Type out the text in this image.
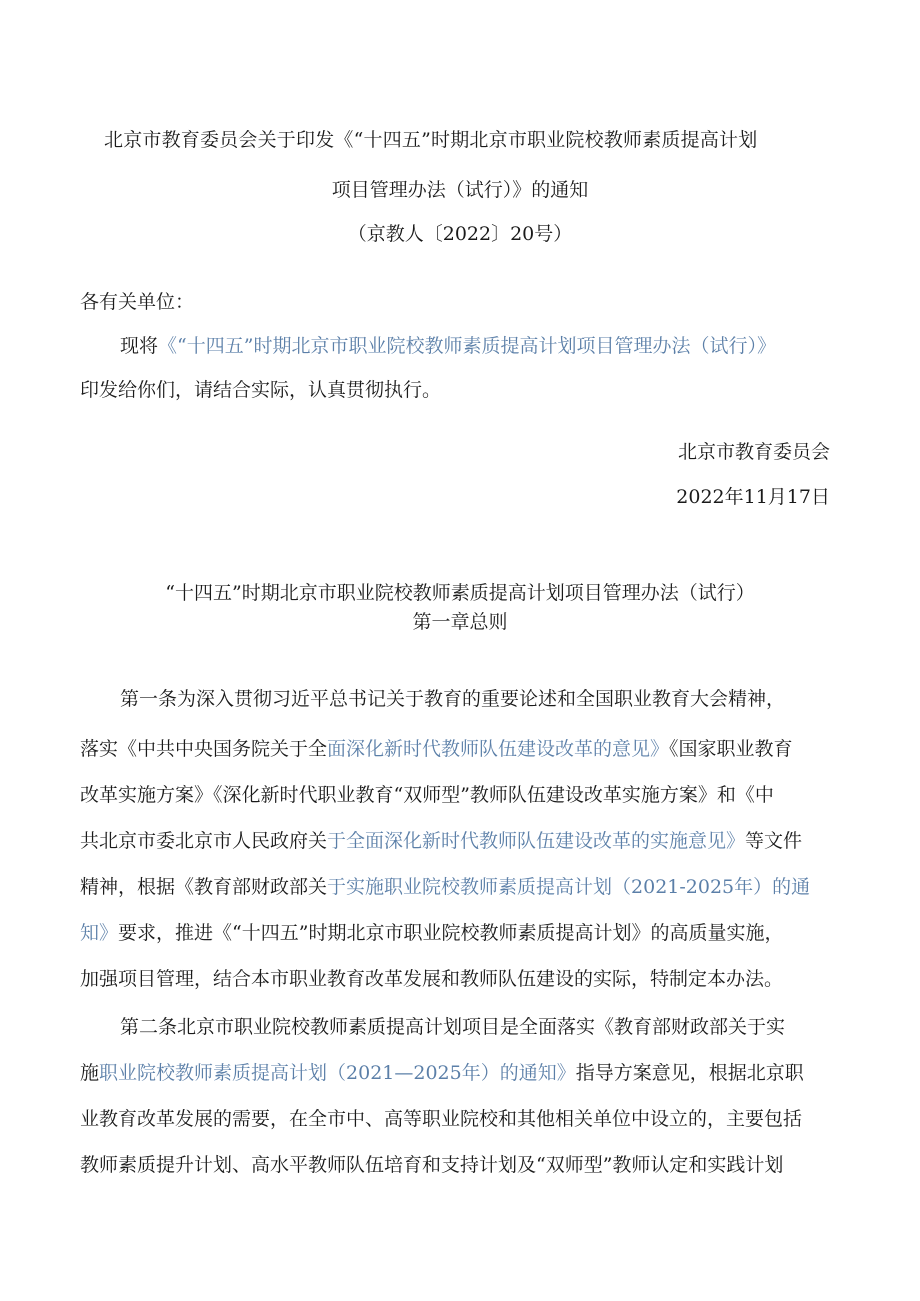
北京市教育委员会关于印发《“十四五”时期北京市职业院校教师素质提高计划

项目管理办法（试行）》的通知

（京教人〔2022〕20号）

各有关单位：

现将《“十四五”时期北京市职业院校教师素质提高计划项目管理办法（试行）》

印发给你们，请结合实际，认真贯彻执行。

北京市教育委员会

2022年11月17日

“十四五”时期北京市职业院校教师素质提高计划项目管理办法（试行）

第一章总则

第一条为深入贯彻习近平总书记关于教育的重要论述和全国职业教育大会精神，

落实《中共中央国务院关于全面深化新时代教师队伍建设改革的意见》《国家职业教育

改革实施方案》《深化新时代职业教育“双师型”教师队伍建设改革实施方案》和《中

共北京市委北京市人民政府关于全面深化新时代教师队伍建设改革的实施意见》等文件

精神，根据《教育部财政部关于实施职业院校教师素质提高计划（2021-2025年）的通

知》要求，推进《“十四五”时期北京市职业院校教师素质提高计划》的高质量实施，

加强项目管理，结合本市职业教育改革发展和教师队伍建设的实际，特制定本办法。

第二条北京市职业院校教师素质提高计划项目是全面落实《教育部财政部关于实

施职业院校教师素质提高计划（2021—2025年）的通知》指导方案意见，根据北京职

业教育改革发展的需要，在全市中、高等职业院校和其他相关单位中设立的，主要包括

教师素质提升计划、高水平教师队伍培育和支持计划及“双师型”教师认定和实践计划
